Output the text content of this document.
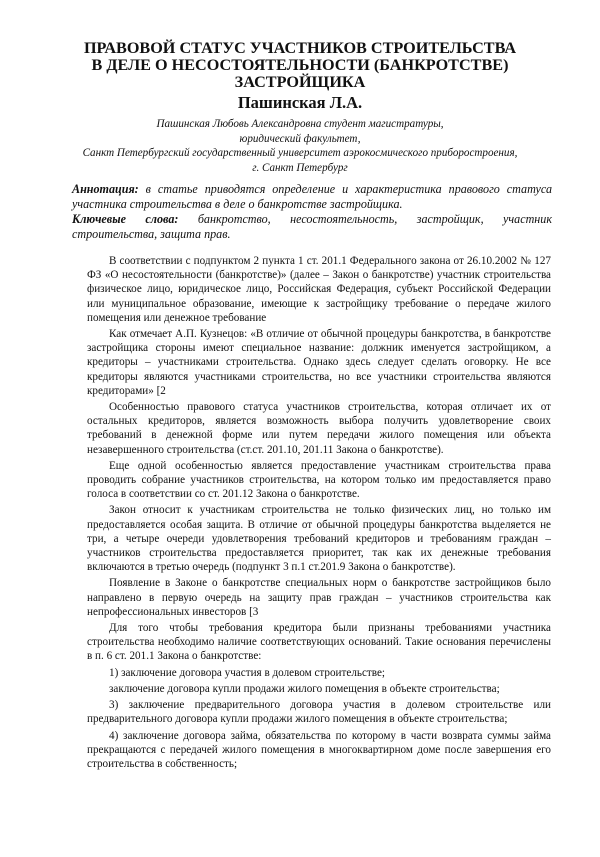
ПРАВОВОЙ СТАТУС УЧАСТНИКОВ СТРОИТЕЛЬСТВА
В ДЕЛЕ О НЕСОСТОЯТЕЛЬНОСТИ (БАНКРОТСТВЕ)
ЗАСТРОЙЩИКА
Пашинская Л.А.
Пашинская Любовь Александровна студент магистратуры,
юридический факультет,
Санкт Петербургский государственный университет аэрокосмического приборостроения,
г. Санкт Петербург
Аннотация: в статье приводятся определение и характеристика правового статуса участника строительства в деле о банкротстве застройщика.
Ключевые слова: банкротство, несостоятельность, застройщик, участник строительства, защита прав.

В соответствии с подпунктом 2 пункта 1 ст. 201.1 Федерального закона от 26.10.2002 № 127 ФЗ «О несостоятельности (банкротстве)» (далее – Закон о банкротстве) участник строительства физическое лицо, юридическое лицо, Российская Федерация, субъект Российской Федерации или муниципальное образование, имеющие к застройщику требование о передаче жилого помещения или денежное требование

Как отмечает А.П. Кузнецов: «В отличие от обычной процедуры банкротства, в банкротстве застройщика стороны имеют специальное название: должник именуется застройщиком, а кредиторы – участниками строительства. Однако здесь следует сделать оговорку. Не все кредиторы являются участниками строительства, но все участники строительства являются кредиторами» [2

Особенностью правового статуса участников строительства, которая отличает их от остальных кредиторов, является возможность выбора получить удовлетворение своих требований в денежной форме или путем передачи жилого помещения или объекта незавершенного строительства (ст.ст. 201.10, 201.11 Закона о банкротстве).

Еще одной особенностью является предоставление участникам строительства права проводить собрание участников строительства, на котором только им предоставляется право голоса в соответствии со ст. 201.12 Закона о банкротстве.

Закон относит к участникам строительства не только физических лиц, но только им предоставляется особая защита. В отличие от обычной процедуры банкротства выделяется не три, а четыре очереди удовлетворения требований кредиторов и требованиям граждан – участников строительства предоставляется приоритет, так как их денежные требования включаются в третью очередь (подпункт 3 п.1 ст.201.9 Закона о банкротстве).

Появление в Законе о банкротстве специальных норм о банкротстве застройщиков было направлено в первую очередь на защиту прав граждан – участников строительства как непрофессиональных инвесторов [3

Для того чтобы требования кредитора были признаны требованиями участника строительства необходимо наличие соответствующих оснований. Такие основания перечислены в п. 6 ст. 201.1 Закона о банкротстве:

1) заключение договора участия в долевом строительстве;

заключение договора купли продажи жилого помещения в объекте строительства;

3) заключение предварительного договора участия в долевом строительстве или предварительного договора купли продажи жилого помещения в объекте строительства;

4) заключение договора займа, обязательства по которому в части возврата суммы займа прекращаются с передачей жилого помещения в многоквартирном доме после завершения его строительства в собственность;
